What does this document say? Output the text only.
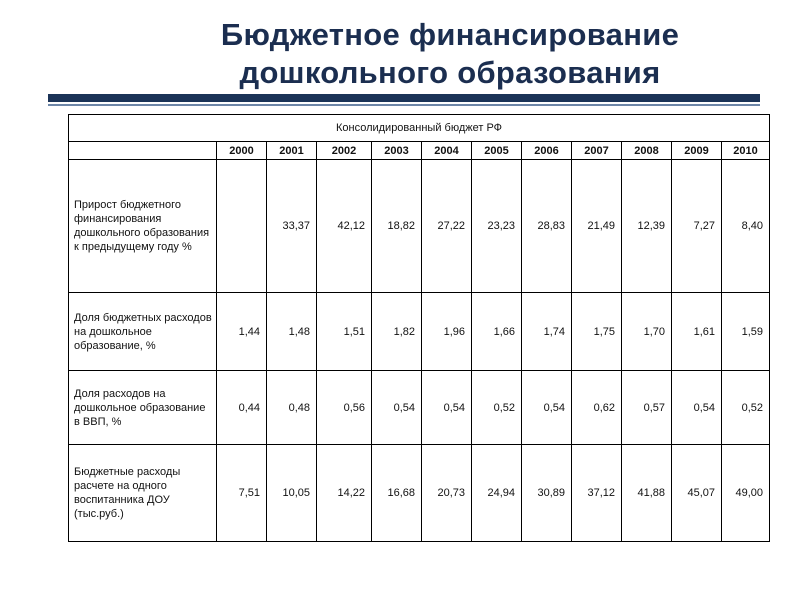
Бюджетное финансирование
дошкольного образования
Консолидированный бюджет РФ											
	2000	2001	2002	2003	2004	2005	2006	2007	2008	2009	2010
Прирост бюджетного финансирования дошкольного образования к предыдущему году %		33,37	42,12	18,82	27,22	23,23	28,83	21,49	12,39	7,27	8,40
Доля бюджетных расходов на дошкольное образование, %	1,44	1,48	1,51	1,82	1,96	1,66	1,74	1,75	1,70	1,61	1,59
Доля расходов на дошкольное образование в ВВП, %	0,44	0,48	0,56	0,54	0,54	0,52	0,54	0,62	0,57	0,54	0,52
Бюджетные расходы расчете на одного воспитанника ДОУ (тыс.руб.)	7,51	10,05	14,22	16,68	20,73	24,94	30,89	37,12	41,88	45,07	49,00
